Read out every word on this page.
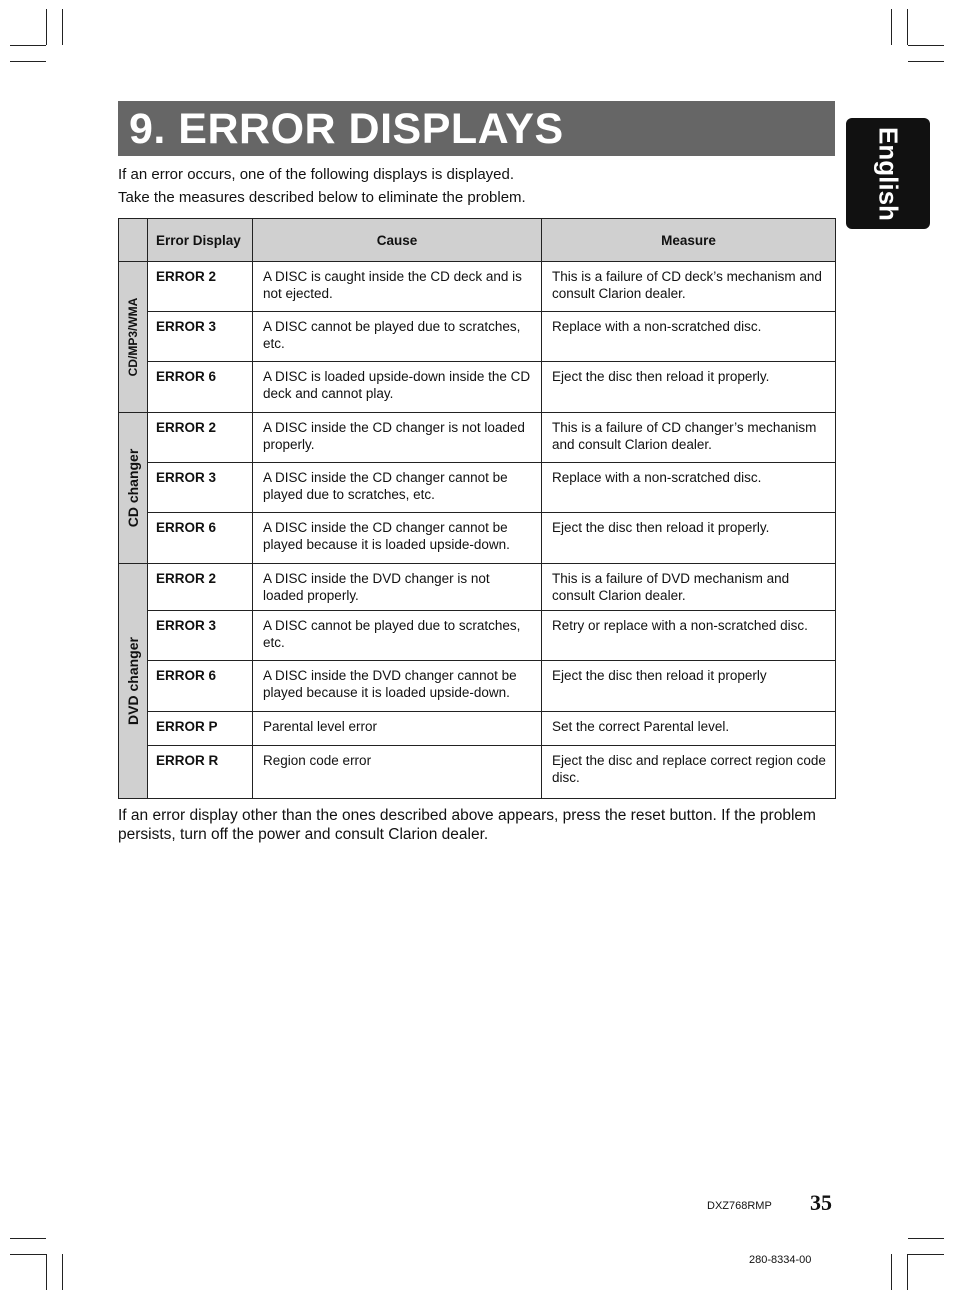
9. ERROR DISPLAYS	English
If an error occurs, one of the following displays is displayed.
Take the measures described below to eliminate the problem.
	Error Display	Cause	Measure

CD/MP3/WMA	ERROR 2	A DISC is caught inside the CD deck and is not ejected.	This is a failure of CD deck’s mechanism and consult Clarion dealer.
	ERROR 3	A DISC cannot be played due to scratches, etc.	Replace with a non-scratched disc.
	ERROR 6	A DISC is loaded upside-down inside the CD deck and cannot play.	Eject the disc then reload it properly.

CD changer	ERROR 2	A DISC inside the CD changer is not loaded properly.	This is a failure of CD changer’s mechanism and consult Clarion dealer.
	ERROR 3	A DISC inside the CD changer cannot be played due to scratches, etc.	Replace with a non-scratched disc.
	ERROR 6	A DISC inside the CD changer cannot be played because it is loaded upside-down.	Eject the disc then reload it properly.

DVD changer	ERROR 2	A DISC inside the DVD changer is not loaded properly.	This is a failure of DVD mechanism and consult Clarion dealer.
	ERROR 3	A DISC cannot be played due to scratches, etc.	Retry or replace with a non-scratched disc.
	ERROR 6	A DISC inside the DVD changer cannot be played because it is loaded upside-down.	Eject the disc then reload it properly
	ERROR P	Parental level error	Set the correct Parental level.
	ERROR R	Region code error	Eject the disc and replace correct region code disc.
If an error display other than the ones described above appears, press the reset button. If the problem persists, turn off the power and consult Clarion dealer.
DXZ768RMP 35
280-8334-00
